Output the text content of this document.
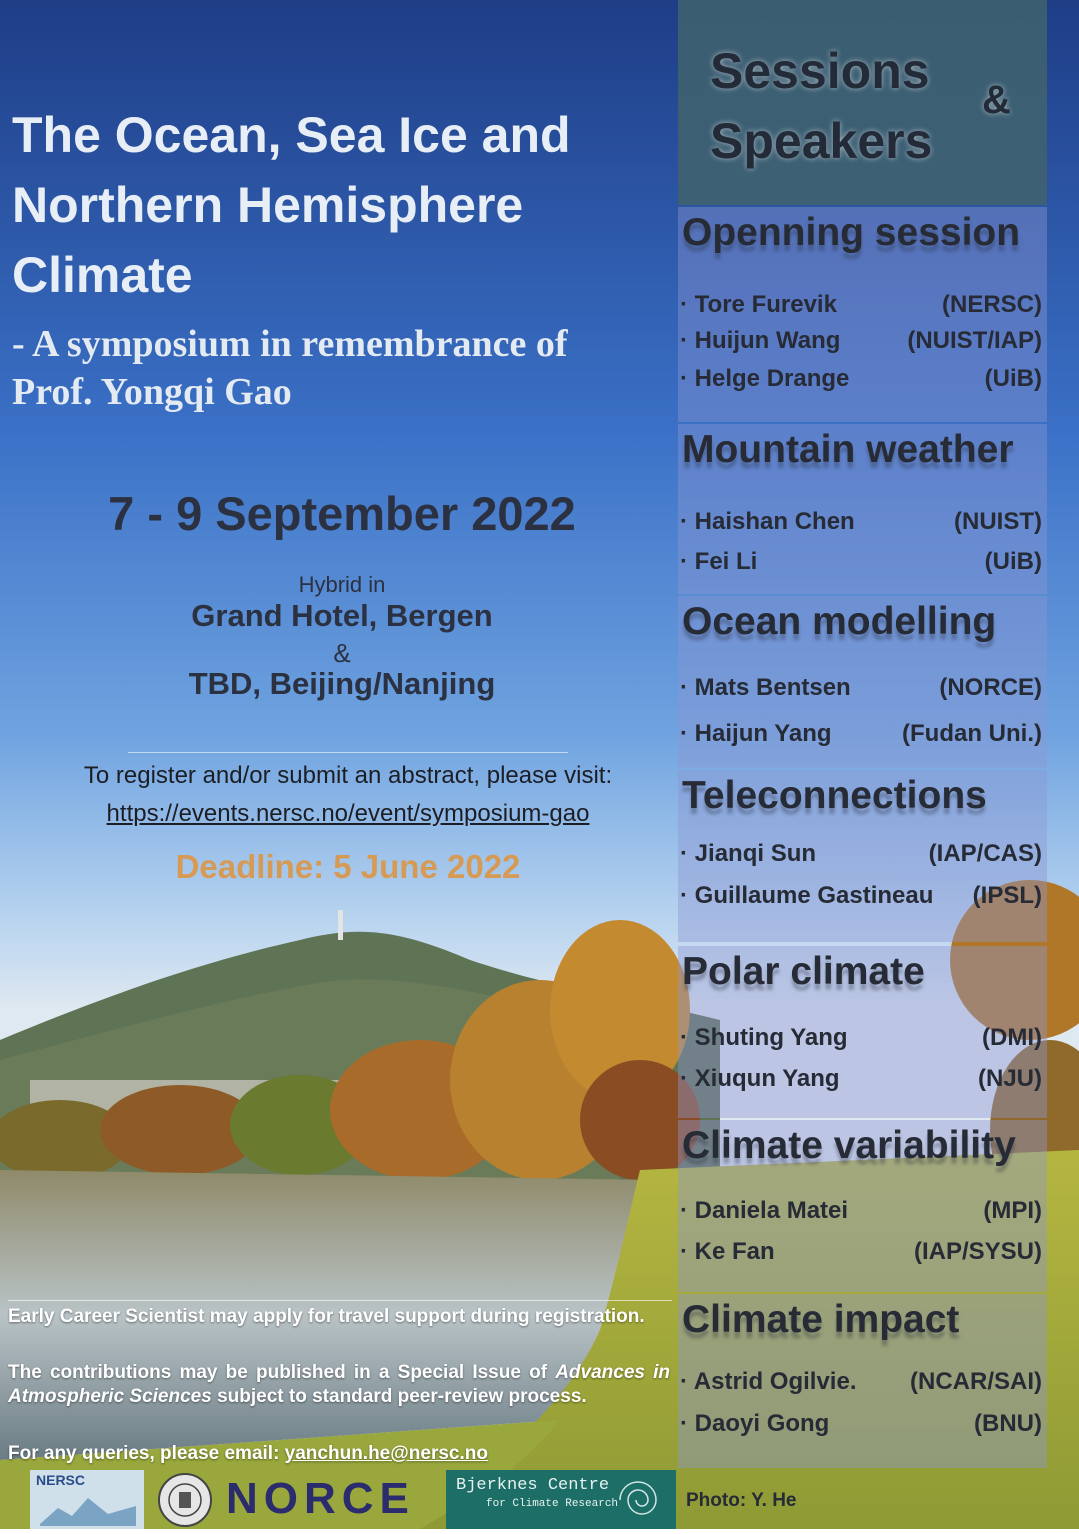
The Ocean, Sea Ice and Northern Hemisphere Climate
- A symposium in remembrance of
Prof. Yongqi Gao
7 - 9 September 2022
Hybrid in
Grand Hotel, Bergen
&
TBD, Beijing/Nanjing
To register and/or submit an abstract, please visit:
https://events.nersc.no/event/symposium-gao
Deadline: 5 June 2022
Early Career Scientist may apply for travel support during registration.
The contributions may be published in a Special Issue of Advances in Atmospheric Sciences subject to standard peer-review process.
For any queries, please email: yanchun.he@nersc.no
Sessions
Speakers
&
Openning session
· Tore Furevik	(NERSC)
· Huijun Wang	(NUIST/IAP)
· Helge Drange	(UiB)
Mountain weather
· Haishan Chen	(NUIST)
· Fei Li	(UiB)
Ocean modelling
· Mats Bentsen	(NORCE)
· Haijun Yang	(Fudan Uni.)
Teleconnections
· Jianqi Sun	(IAP/CAS)
· Guillaume Gastineau (IPSL)
Polar climate
· Shuting Yang	(DMI)
· Xiuqun Yang	(NJU)
Climate variability
· Daniela Matei	(MPI)
· Ke Fan	(IAP/SYSU)
Climate impact
· Astrid Ogilvie. (NCAR/SAI)
· Daoyi Gong	(BNU)
Photo: Y. He
NERSC	NORCE Bjerknes Centre
for Climate Research
